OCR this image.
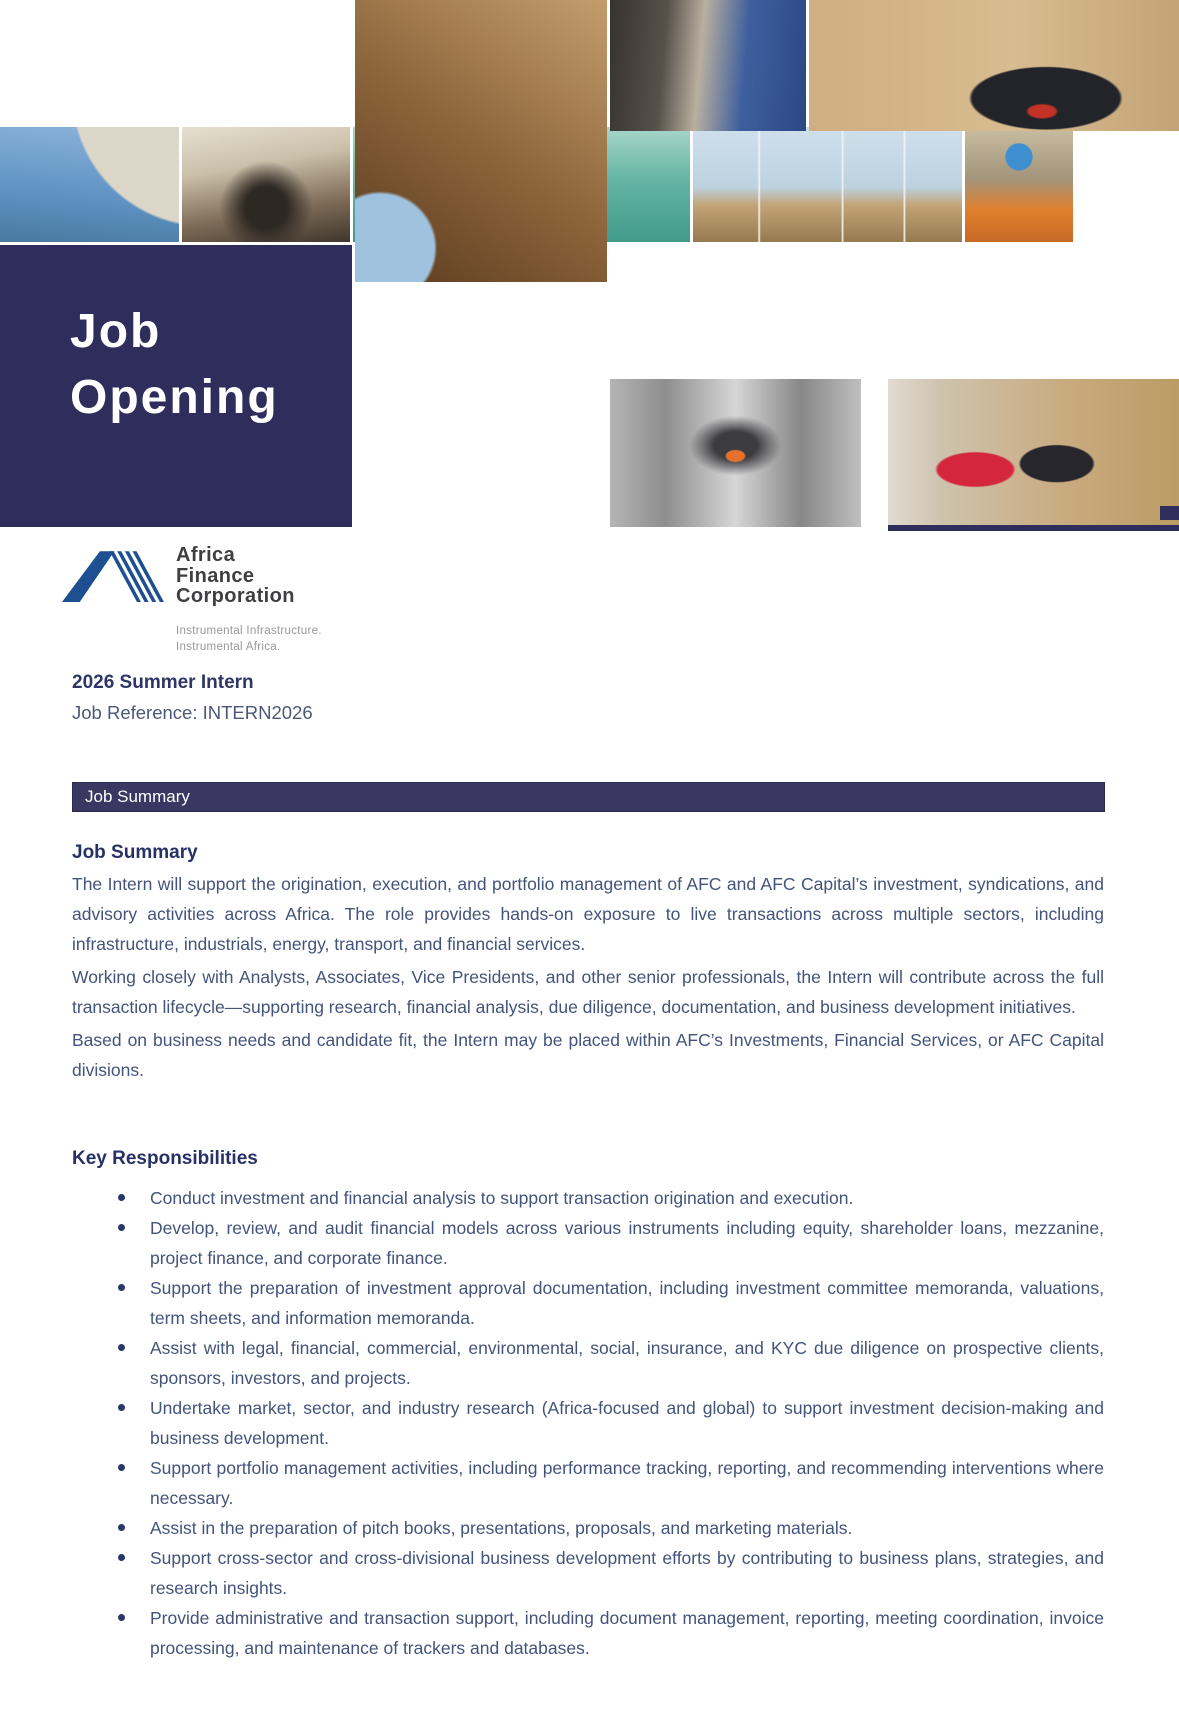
Job
Opening
Africa
Finance
Corporation
Instrumental Infrastructure.
Instrumental Africa.
2026 Summer Intern
Job Reference: INTERN2026
Job Summary
Job Summary

The Intern will support the origination, execution, and portfolio management of AFC and AFC Capital’s investment, syndications, and advisory activities across Africa. The role provides hands-on exposure to live transactions across multiple sectors, including infrastructure, industrials, energy, transport, and financial services.

Working closely with Analysts, Associates, Vice Presidents, and other senior professionals, the Intern will contribute across the full transaction lifecycle—supporting research, financial analysis, due diligence, documentation, and business development initiatives.

Based on business needs and candidate fit, the Intern may be placed within AFC’s Investments, Financial Services, or AFC Capital divisions.

Key Responsibilities
Conduct investment and financial analysis to support transaction origination and execution.
Develop, review, and audit financial models across various instruments including equity, shareholder loans, mezzanine, project finance, and corporate finance.
Support the preparation of investment approval documentation, including investment committee memoranda, valuations, term sheets, and information memoranda.
Assist with legal, financial, commercial, environmental, social, insurance, and KYC due diligence on prospective clients, sponsors, investors, and projects.
Undertake market, sector, and industry research (Africa-focused and global) to support investment decision-making and business development.
Support portfolio management activities, including performance tracking, reporting, and recommending interventions where necessary.
Assist in the preparation of pitch books, presentations, proposals, and marketing materials.
Support cross-sector and cross-divisional business development efforts by contributing to business plans, strategies, and research insights.
Provide administrative and transaction support, including document management, reporting, meeting coordination, invoice processing, and maintenance of trackers and databases.
